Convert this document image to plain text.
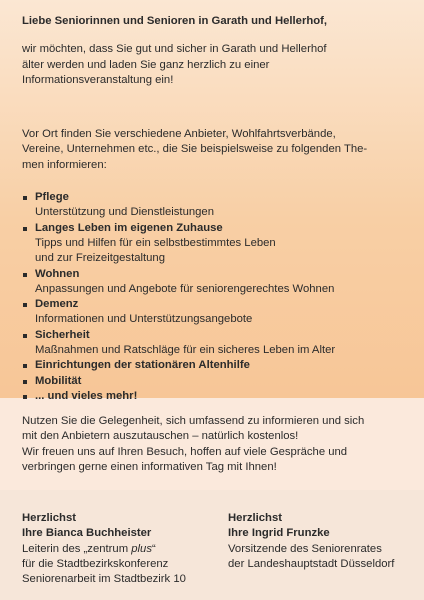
Liebe Seniorinnen und Senioren in Garath und Hellerhof,

wir möchten, dass Sie gut und sicher in Garath und Hellerhof
älter werden und laden Sie ganz herzlich zu einer
Informationsveranstaltung ein!

Vor Ort finden Sie verschiedene Anbieter, Wohlfahrtsverbände,
Vereine, Unternehmen etc., die Sie beispielsweise zu folgenden The-
men informieren:

Pflege
Unterstützung und Dienstleistungen
Langes Leben im eigenen Zuhause
Tipps und Hilfen für ein selbstbestimmtes Leben
und zur Freizeitgestaltung
Wohnen
Anpassungen und Angebote für seniorengerechtes Wohnen
Demenz
Informationen und Unterstützungsangebote
Sicherheit
Maßnahmen und Ratschläge für ein sicheres Leben im Alter
Einrichtungen der stationären Altenhilfe
Mobilität
... und vieles mehr!

Nutzen Sie die Gelegenheit, sich umfassend zu informieren und sich
mit den Anbietern auszutauschen – natürlich kostenlos!
Wir freuen uns auf Ihren Besuch, hoffen auf viele Gespräche und
verbringen gerne einen informativen Tag mit Ihnen!

Herzlichst
Ihre Bianca Buchheister
Leiterin des „zentrum plus“
für die Stadtbezirkskonferenz
Seniorenarbeit im Stadtbezirk 10
Herzlichst
Ihre Ingrid Frunzke
Vorsitzende des Seniorenrates
der Landeshauptstadt Düsseldorf
